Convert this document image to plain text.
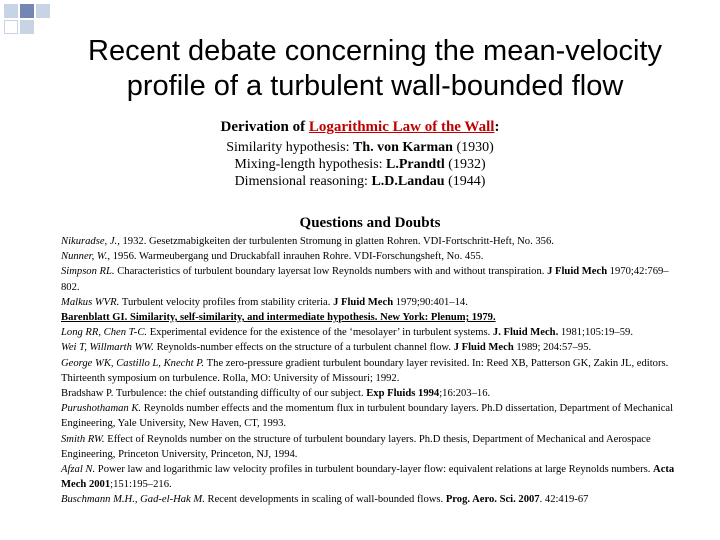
Recent debate concerning the mean-velocity
profile of a turbulent wall-bounded flow
Derivation of Logarithmic Law of the Wall:
Similarity hypothesis: Th. von Karman (1930)
Mixing-length hypothesis: L.Prandtl (1932)
Dimensional reasoning: L.D.Landau (1944)
Questions and Doubts
Nikuradse, J., 1932. Gesetzmabigkeiten der turbulenten Stromung in glatten Rohren. VDI-Fortschritt-Heft, No. 356.
Nunner, W., 1956. Warmeubergang und Druckabfall inrauhen Rohre. VDI-Forschungsheft, No. 455.
Simpson RL. Characteristics of turbulent boundary layersat low Reynolds numbers with and without transpiration. J Fluid Mech 1970;42:769–802.
Malkus WVR. Turbulent velocity profiles from stability criteria. J Fluid Mech 1979;90:401–14.
Barenblatt GI. Similarity, self-similarity, and intermediate hypothesis. New York: Plenum; 1979.
Long RR, Chen T-C. Experimental evidence for the existence of the ‘mesolayer’ in turbulent systems. J. Fluid Mech. 1981;105:19–59.
Wei T, Willmarth WW. Reynolds-number effects on the structure of a turbulent channel flow. J Fluid Mech 1989; 204:57–95.
George WK, Castillo L, Knecht P. The zero-pressure gradient turbulent boundary layer revisited. In: Reed XB, Patterson GK, Zakin JL, editors. Thirteenth symposium on turbulence. Rolla, MO: University of Missouri; 1992.
Bradshaw P. Turbulence: the chief outstanding difficulty of our subject. Exp Fluids 1994;16:203–16.
Purushothaman K. Reynolds number effects and the momentum flux in turbulent boundary layers. Ph.D dissertation, Department of Mechanical Engineering, Yale University, New Haven, CT, 1993.
Smith RW. Effect of Reynolds number on the structure of turbulent boundary layers. Ph.D thesis, Department of Mechanical and Aerospace Engineering, Princeton University, Princeton, NJ, 1994.
Afzal N. Power law and logarithmic law velocity profiles in turbulent boundary-layer flow: equivalent relations at large Reynolds numbers. Acta Mech 2001;151:195–216.
Buschmann M.H., Gad-el-Hak M. Recent developments in scaling of wall-bounded flows. Prog. Aero. Sci. 2007. 42:419-67
